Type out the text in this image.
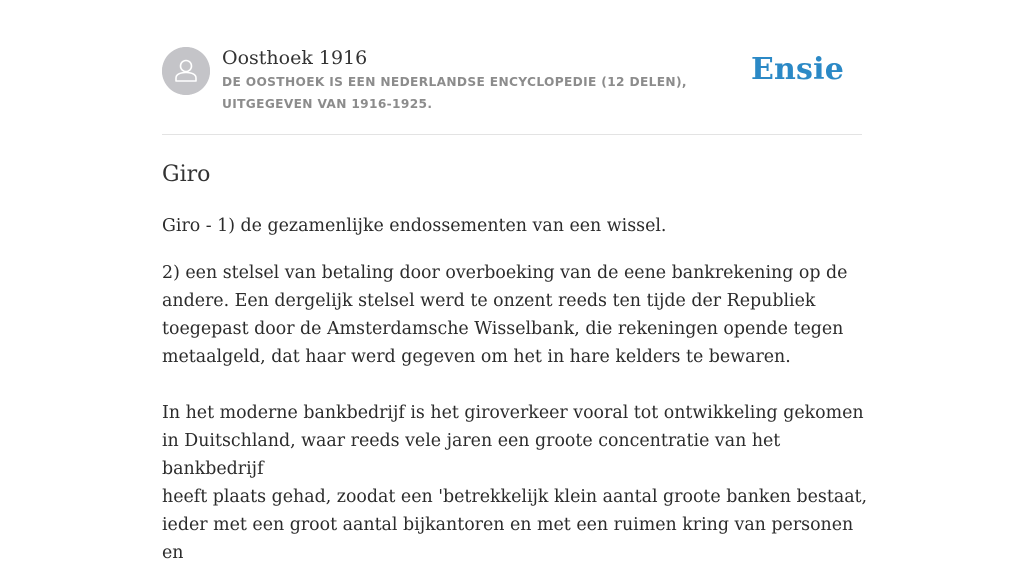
Oosthoek 1916
DE OOSTHOEK IS EEN NEDERLANDSE ENCYCLOPEDIE (12 DELEN), UITGEGEVEN VAN 1916-1925.
Ensie
Giro

Giro - 1) de gezamenlijke endossementen van een wissel.

2) een stelsel van betaling door overboeking van de eene bankrekening op de
andere. Een dergelijk stelsel werd te onzent reeds ten tijde der Republiek
toegepast door de Amsterdamsche Wisselbank, die rekeningen opende tegen
metaalgeld, dat haar werd gegeven om het in hare kelders te bewaren.

In het moderne bankbedrijf is het giroverkeer vooral tot ontwikkeling gekomen
in Duitschland, waar reeds vele jaren een groote concentratie van het bankbedrijf
heeft plaats gehad, zoodat een 'betrekkelijk klein aantal groote banken bestaat,
ieder met een groot aantal bijkantoren en met een ruimen kring van personen en
